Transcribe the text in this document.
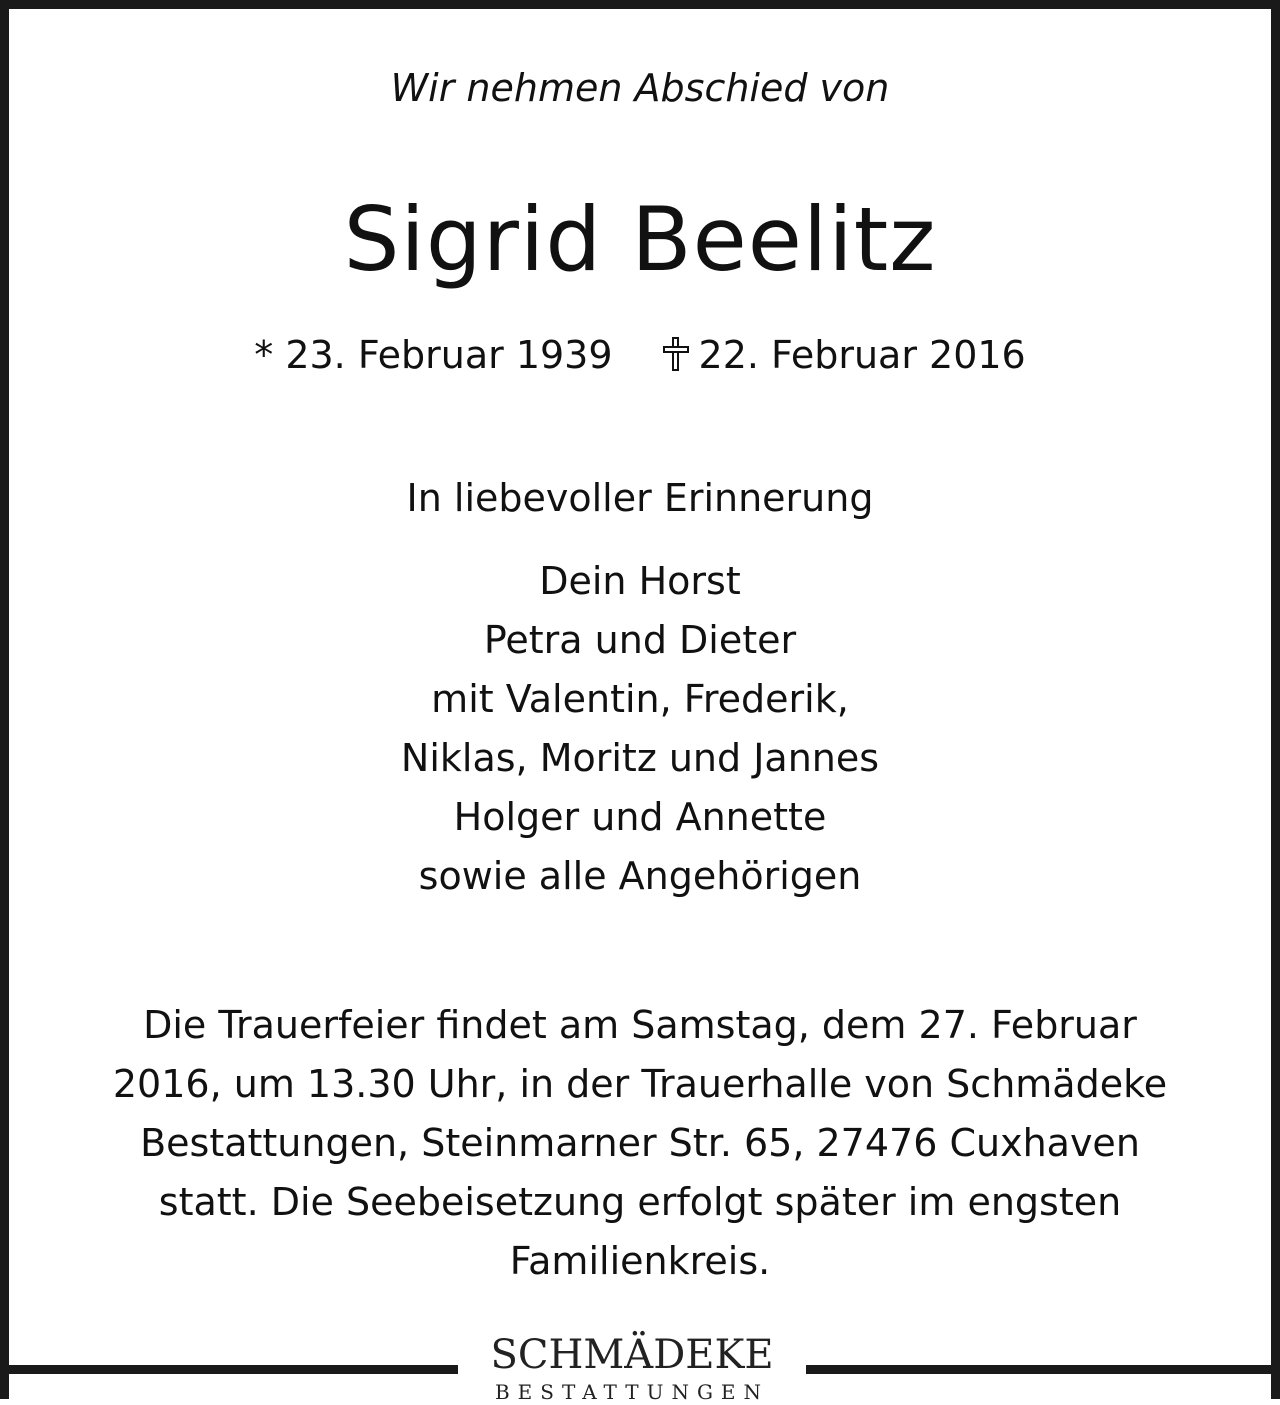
Wir nehmen Abschied von
Sigrid Beelitz
* 23. Februar 1939 22. Februar 2016
In liebevoller Erinnerung
Dein Horst
Petra und Dieter
mit Valentin, Frederik,
Niklas, Moritz und Jannes
Holger und Annette
sowie alle Angehörigen
Die Trauerfeier findet am Samstag, dem 27. Februar
2016, um 13.30 Uhr, in der Trauerhalle von Schmädeke
Bestattungen, Steinmarner Str. 65, 27476 Cuxhaven
statt. Die Seebeisetzung erfolgt später im engsten
Familienkreis.
SCHMÄDEKE
BESTATTUNGEN
